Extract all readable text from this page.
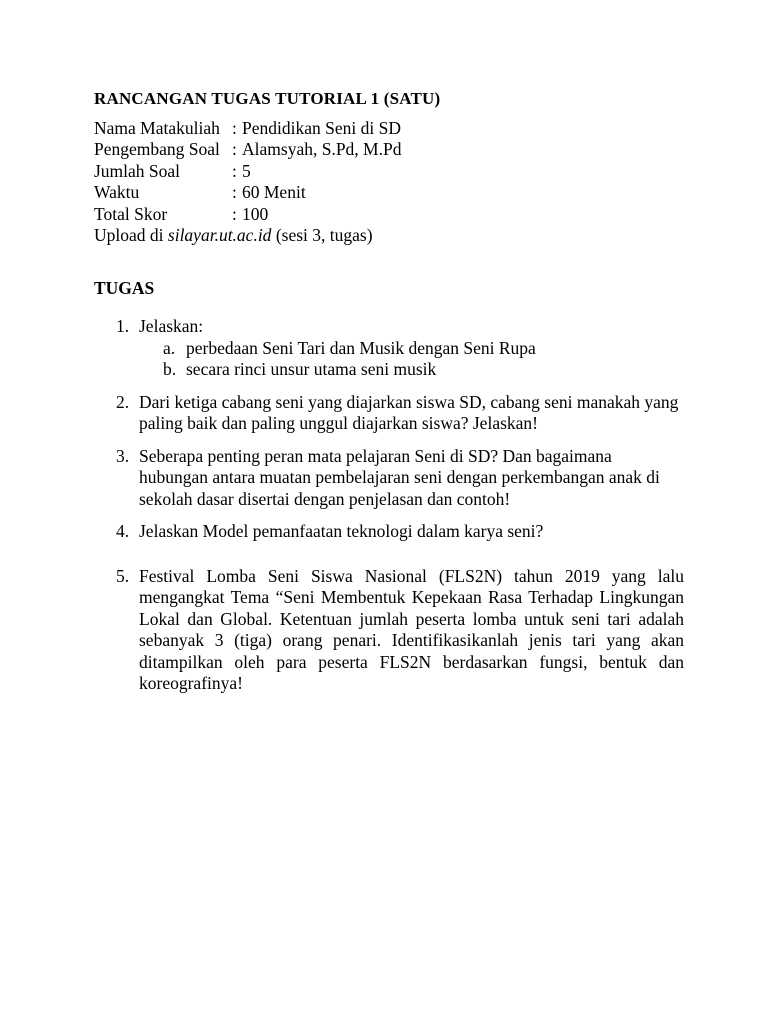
RANCANGAN TUGAS TUTORIAL 1 (SATU)
Nama Matakuliah : Pendidikan Seni di SD
Pengembang Soal : Alamsyah, S.Pd, M.Pd
Jumlah Soal	: 5
Waktu	: 60 Menit
Total Skor	: 100
Upload di silayar.ut.ac.id (sesi 3, tugas)
TUGAS
1. Jelaskan:
a. perbedaan Seni Tari dan Musik dengan Seni Rupa
b. secara rinci unsur utama seni musik
2. Dari ketiga cabang seni yang diajarkan siswa SD, cabang seni manakah yang paling baik dan paling unggul diajarkan siswa? Jelaskan!
3. Seberapa penting peran mata pelajaran Seni di SD? Dan bagaimana hubungan antara muatan pembelajaran seni dengan perkembangan anak di sekolah dasar disertai dengan penjelasan dan contoh!
4. Jelaskan Model pemanfaatan teknologi dalam karya seni?
5. Festival Lomba Seni Siswa Nasional (FLS2N) tahun 2019 yang lalu mengangkat Tema “Seni Membentuk Kepekaan Rasa Terhadap Lingkungan Lokal dan Global. Ketentuan jumlah peserta lomba untuk seni tari adalah sebanyak 3 (tiga) orang penari. Identifikasikanlah jenis tari yang akan ditampilkan oleh para peserta FLS2N berdasarkan fungsi, bentuk dan koreografinya!
